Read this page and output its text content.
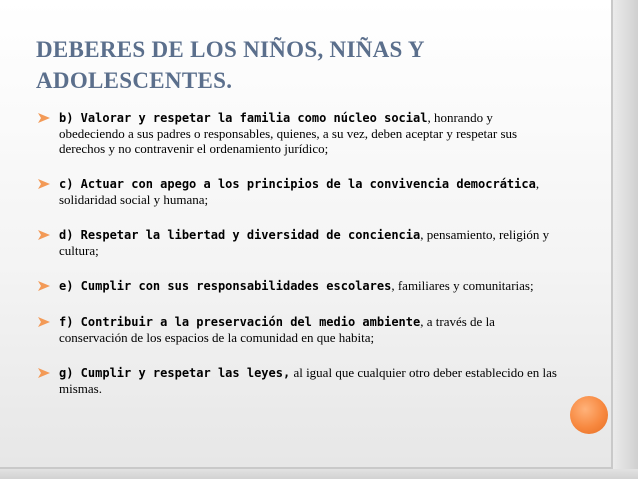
DEBERES DE LOS NIÑOS, NIÑAS Y ADOLESCENTES.
b) Valorar y respetar la familia como núcleo social, honrando y obedeciendo a sus padres o responsables, quienes, a su vez, deben aceptar y respetar sus derechos y no contravenir el ordenamiento jurídico;
c) Actuar con apego a los principios de la convivencia democrática, solidaridad social y humana;
d) Respetar la libertad y diversidad de conciencia, pensamiento, religión y cultura;
e) Cumplir con sus responsabilidades escolares, familiares y comunitarias;
f) Contribuir a la preservación del medio ambiente, a través de la conservación de los espacios de la comunidad en que habita;
g) Cumplir y respetar las leyes, al igual que cualquier otro deber establecido en las mismas.
